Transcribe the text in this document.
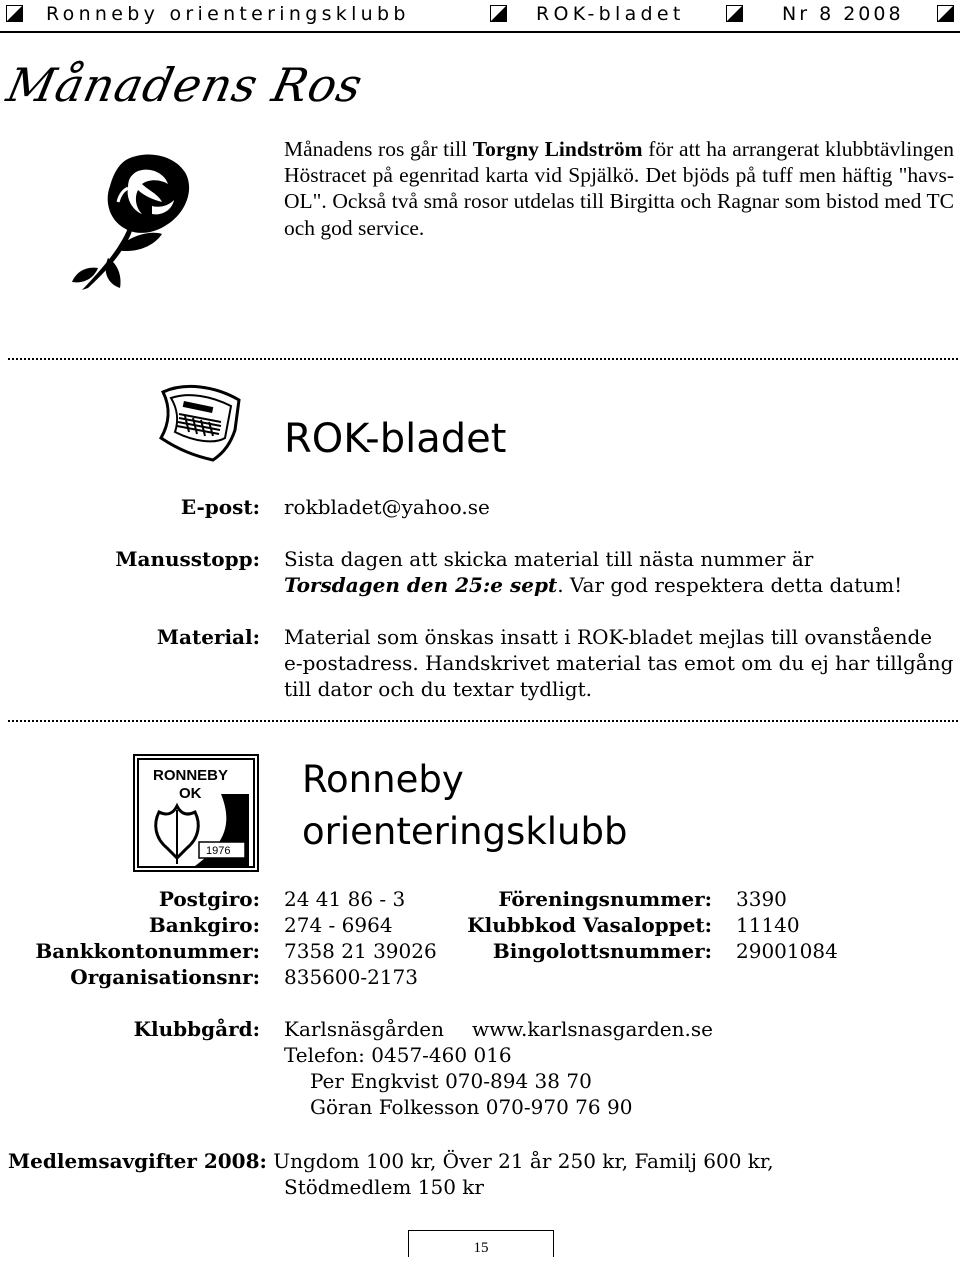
Ronneby orienteringsklubb	ROK-bladet	Nr 8 2008
Månadens Ros
Månadens ros går till Torgny Lindström för att ha arrangerat klubbtävlingen Höstracet på egenritad karta vid Spjälkö. Det bjöds på tuff men häftig "havs-OL". Också två små rosor utdelas till Birgitta och Ragnar som bistod med TC och god service.
ROK-bladet
E-post: rokbladet@yahoo.se
Manusstopp: Sista dagen att skicka material till nästa nummer är
Torsdagen den 25:e sept. Var god respektera detta datum!
Material: Material som önskas insatt i ROK-bladet mejlas till ovanstående
e-postadress. Handskrivet material tas emot om du ej har tillgång
till dator och du textar tydligt.
RONNEBY
OK
1976
Ronneby
orienteringsklubb
Postgiro: 24 41 86 - 3	Föreningsnummer: 3390
Bankgiro: 274 - 6964	Klubbkod Vasaloppet: 11140
Bankkontonummer: 7358 21 39026	Bingolottsnummer: 29001084
Organisationsnr: 835600-2173
Klubbgård: Karlsnäsgården www.karlsnasgarden.se
Telefon: 0457-460 016
Per Engkvist 070-894 38 70
Göran Folkesson 070-970 76 90
Medlemsavgifter 2008: Ungdom 100 kr, Över 21 år 250 kr, Familj 600 kr,
Stödmedlem 150 kr
15
